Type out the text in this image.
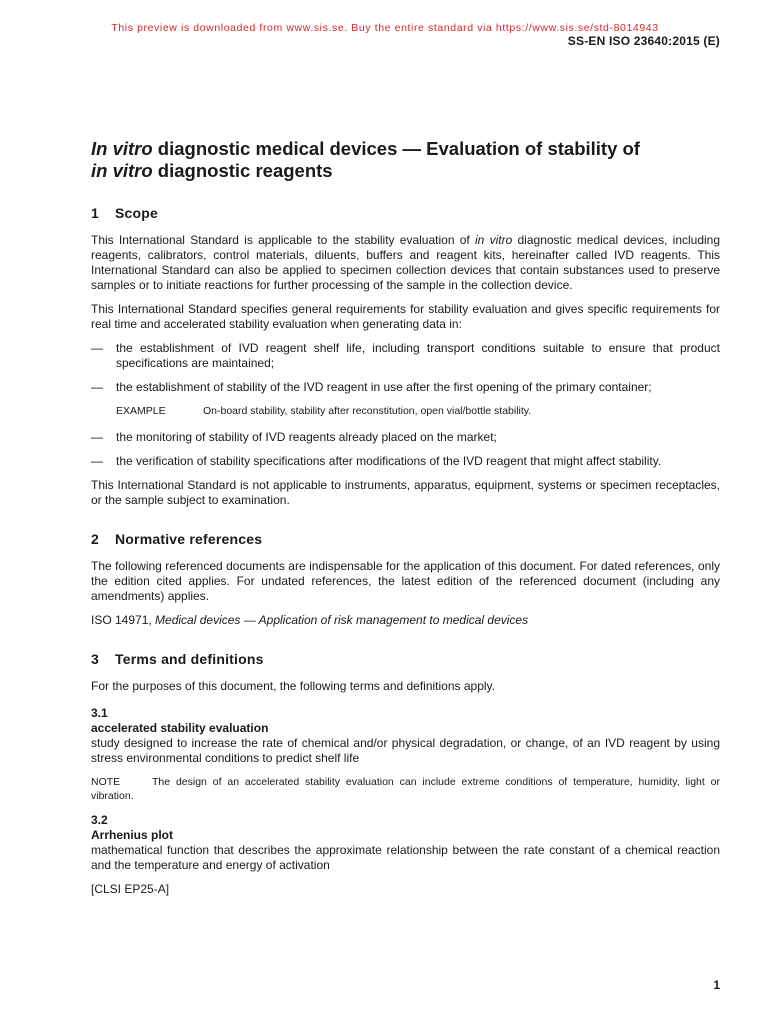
This preview is downloaded from www.sis.se. Buy the entire standard via https://www.sis.se/std-8014943
SS-EN ISO 23640:2015 (E)
In vitro diagnostic medical devices — Evaluation of stability of
in vitro diagnostic reagents
1 Scope

This International Standard is applicable to the stability evaluation of in vitro diagnostic medical devices, including reagents, calibrators, control materials, diluents, buffers and reagent kits, hereinafter called IVD reagents. This International Standard can also be applied to specimen collection devices that contain substances used to preserve samples or to initiate reactions for further processing of the sample in the collection device.

This International Standard specifies general requirements for stability evaluation and gives specific requirements for real time and accelerated stability evaluation when generating data in:

—	the establishment of IVD reagent shelf life, including transport conditions suitable to ensure that product specifications are maintained;
—	the establishment of stability of the IVD reagent in use after the first opening of the primary container;
EXAMPLE	On-board stability, stability after reconstitution, open vial/bottle stability.
—	the monitoring of stability of IVD reagents already placed on the market;
—	the verification of stability specifications after modifications of the IVD reagent that might affect stability.

This International Standard is not applicable to instruments, apparatus, equipment, systems or specimen receptacles, or the sample subject to examination.

2 Normative references

The following referenced documents are indispensable for the application of this document. For dated references, only the edition cited applies. For undated references, the latest edition of the referenced document (including any amendments) applies.

ISO 14971, Medical devices — Application of risk management to medical devices

3 Terms and definitions

For the purposes of this document, the following terms and definitions apply.

3.1
accelerated stability evaluation
study designed to increase the rate of chemical and/or physical degradation, or change, of an IVD reagent by using stress environmental conditions to predict shelf life
NOTE	The design of an accelerated stability evaluation can include extreme conditions of temperature, humidity, light or vibration.
3.2
Arrhenius plot
mathematical function that describes the approximate relationship between the rate constant of a chemical reaction and the temperature and energy of activation

[CLSI EP25-A]

1
